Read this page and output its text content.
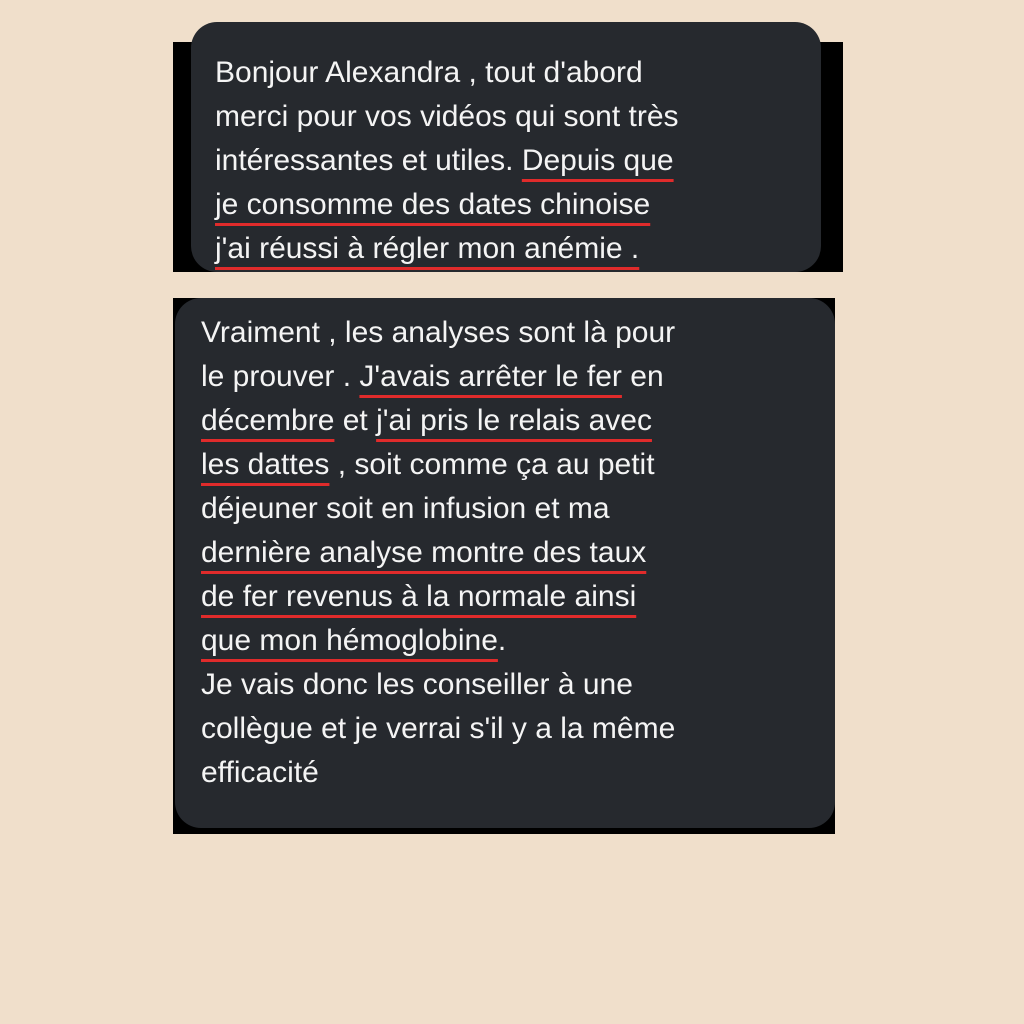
Bonjour Alexandra , tout d'abord
merci pour vos vidéos qui sont très
intéressantes et utiles. Depuis que
je consomme des dates chinoise
j'ai réussi à régler mon anémie .
Vraiment , les analyses sont là pour
le prouver . J'avais arrêter le fer en
décembre et j'ai pris le relais avec
les dattes , soit comme ça au petit
déjeuner soit en infusion et ma
dernière analyse montre des taux
de fer revenus à la normale ainsi
que mon hémoglobine.
Je vais donc les conseiller à une
collègue et je verrai s'il y a la même
efficacité
